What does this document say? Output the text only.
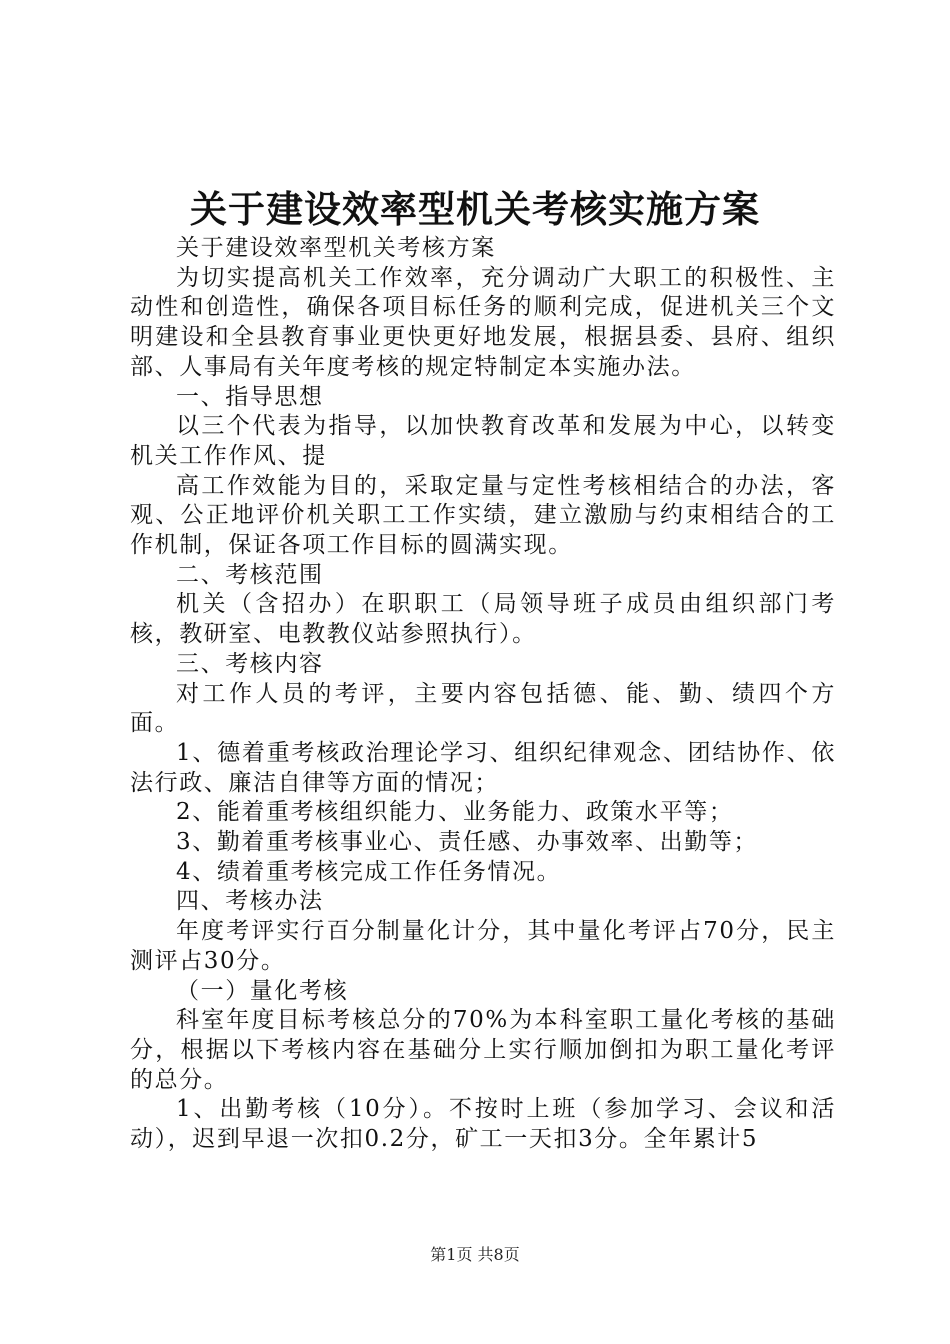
关于建设效率型机关考核实施方案

关于建设效率型机关考核方案

为切实提高机关工作效率，充分调动广大职工的积极性、主动性和创造性，确保各项目标任务的顺利完成，促进机关三个文明建设和全县教育事业更快更好地发展，根据县委、县府、组织部、人事局有关年度考核的规定特制定本实施办法。

一、指导思想

以三个代表为指导，以加快教育改革和发展为中心，以转变机关工作作风、提

高工作效能为目的，采取定量与定性考核相结合的办法，客观、公正地评价机关职工工作实绩，建立激励与约束相结合的工作机制，保证各项工作目标的圆满实现。

二、考核范围

机关（含招办）在职职工（局领导班子成员由组织部门考核，教研室、电教教仪站参照执行）。

三、考核内容

对工作人员的考评，主要内容包括德、能、勤、绩四个方面。

1、德着重考核政治理论学习、组织纪律观念、团结协作、依法行政、廉洁自律等方面的情况；

2、能着重考核组织能力、业务能力、政策水平等；

3、勤着重考核事业心、责任感、办事效率、出勤等；

4、绩着重考核完成工作任务情况。

四、考核办法

年度考评实行百分制量化计分，其中量化考评占70分，民主测评占30分。

（一）量化考核

科室年度目标考核总分的70%为本科室职工量化考核的基础分，根据以下考核内容在基础分上实行顺加倒扣为职工量化考评的总分。

1、出勤考核（10分）。不按时上班（参加学习、会议和活动），迟到早退一次扣0.2分，矿工一天扣3分。全年累计5

第1页 共8页
